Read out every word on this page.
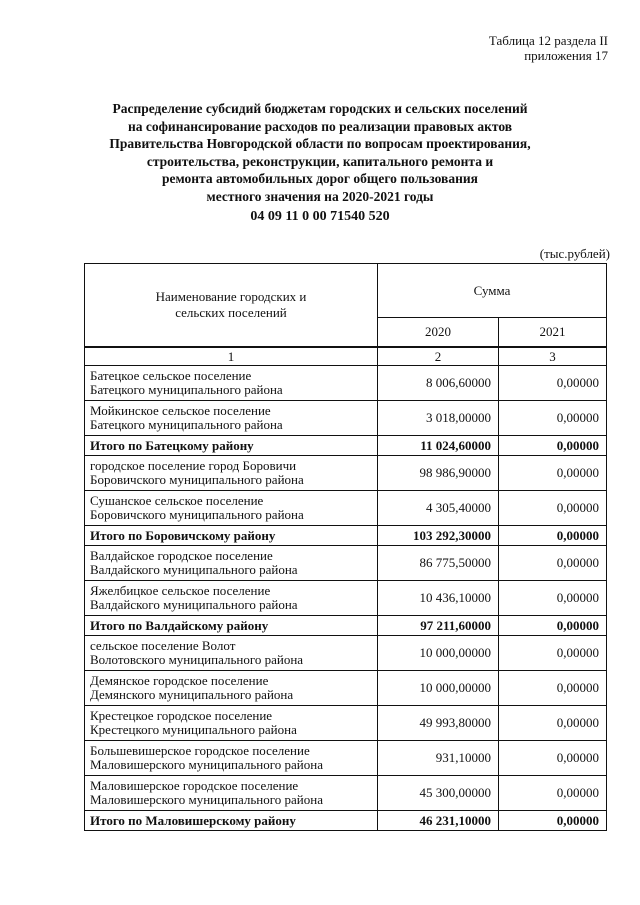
Таблица 12 раздела II
приложения 17
Распределение субсидий бюджетам городских и сельских поселений
на софинансирование расходов по реализации правовых актов
Правительства Новгородской области по вопросам проектирования,
строительства, реконструкции, капитального ремонта и
ремонта автомобильных дорог общего пользования
местного значения на 2020-2021 годы
04 09 11 0 00 71540 520
(тыс.рублей)
Наименование городских и
сельских поселений	Сумма	
	2020	2021
1	2	3

Батецкое сельское поселение
Батецкого муниципального района	8 006,60000	0,00000

Мойкинское сельское поселение
Батецкого муниципального района	3 018,00000	0,00000

Итого по Батецкому району	11 024,60000	0,00000

городское поселение город Боровичи
Боровичского муниципального района	98 986,90000	0,00000

Сушанское сельское поселение
Боровичского муниципального района	4 305,40000	0,00000

Итого по Боровичскому району	103 292,30000	0,00000

Валдайское городское поселение
Валдайского муниципального района	86 775,50000	0,00000

Яжелбицкое сельское поселение
Валдайского муниципального района	10 436,10000	0,00000

Итого по Валдайскому району	97 211,60000	0,00000

сельское поселение Волот
Волотовского муниципального района	10 000,00000	0,00000

Демянское городское поселение
Демянского муниципального района	10 000,00000	0,00000

Крестецкое городское поселение
Крестецкого муниципального района	49 993,80000	0,00000

Большевишерское городское поселение
Маловишерского муниципального района	931,10000	0,00000

Маловишерское городское поселение
Маловишерского муниципального района	45 300,00000	0,00000

Итого по Маловишерскому району	46 231,10000	0,00000
